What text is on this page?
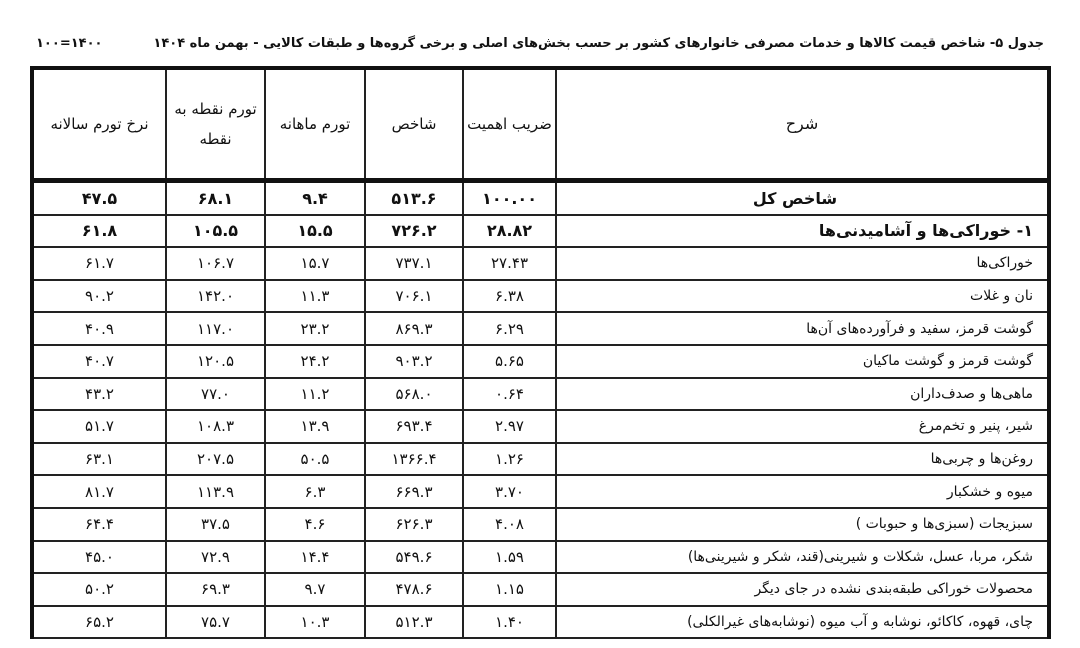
جدول ۵- شاخص قیمت کالاها و خدمات مصرفی خانوارهای کشور بر حسب بخش‌های اصلی و برخی گروه‌ها و طبقات کالایی - بهمن ماه ۱۴۰۴
۱۴۰۰=۱۰۰
شرح	ضریب اهمیت	شاخص	تورم ماهانه	تورم نقطه به نقطه	نرخ تورم سالانه
شاخص کل	۱۰۰.۰۰	۵۱۳.۶	۹.۴	۶۸.۱	۴۷.۵
۱- خوراکی‌ها و آشامیدنی‌ها	۲۸.۸۲	۷۲۶.۲	۱۵.۵	۱۰۵.۵	۶۱.۸
خوراکی‌ها	۲۷.۴۳	۷۳۷.۱	۱۵.۷	۱۰۶.۷	۶۱.۷
نان و غلات	۶.۳۸	۷۰۶.۱	۱۱.۳	۱۴۲.۰	۹۰.۲
گوشت قرمز، سفید و فرآورده‌های آن‌ها	۶.۲۹	۸۶۹.۳	۲۳.۲	۱۱۷.۰	۴۰.۹
گوشت قرمز و گوشت ماکیان	۵.۶۵	۹۰۳.۲	۲۴.۲	۱۲۰.۵	۴۰.۷
ماهی‌ها و صدف‌داران	۰.۶۴	۵۶۸.۰	۱۱.۲	۷۷.۰	۴۳.۲
شیر، پنیر و تخم‌مرغ	۲.۹۷	۶۹۳.۴	۱۳.۹	۱۰۸.۳	۵۱.۷
روغن‌ها و چربی‌ها	۱.۲۶	۱۳۶۶.۴	۵۰.۵	۲۰۷.۵	۶۳.۱
میوه و خشکبار	۳.۷۰	۶۶۹.۳	۶.۳	۱۱۳.۹	۸۱.۷
سبزیجات (سبزی‌ها و حبوبات )	۴.۰۸	۶۲۶.۳	۴.۶	۳۷.۵	۶۴.۴
شکر، مربا، عسل، شکلات و شیرینی(قند، شکر و شیرینی‌ها)	۱.۵۹	۵۴۹.۶	۱۴.۴	۷۲.۹	۴۵.۰
محصولات خوراکی طبقه‌بندی نشده در جای دیگر	۱.۱۵	۴۷۸.۶	۹.۷	۶۹.۳	۵۰.۲
چای، قهوه، کاکائو، نوشابه و آب میوه (نوشابه‌های غیرالکلی)	۱.۴۰	۵۱۲.۳	۱۰.۳	۷۵.۷	۶۵.۲
